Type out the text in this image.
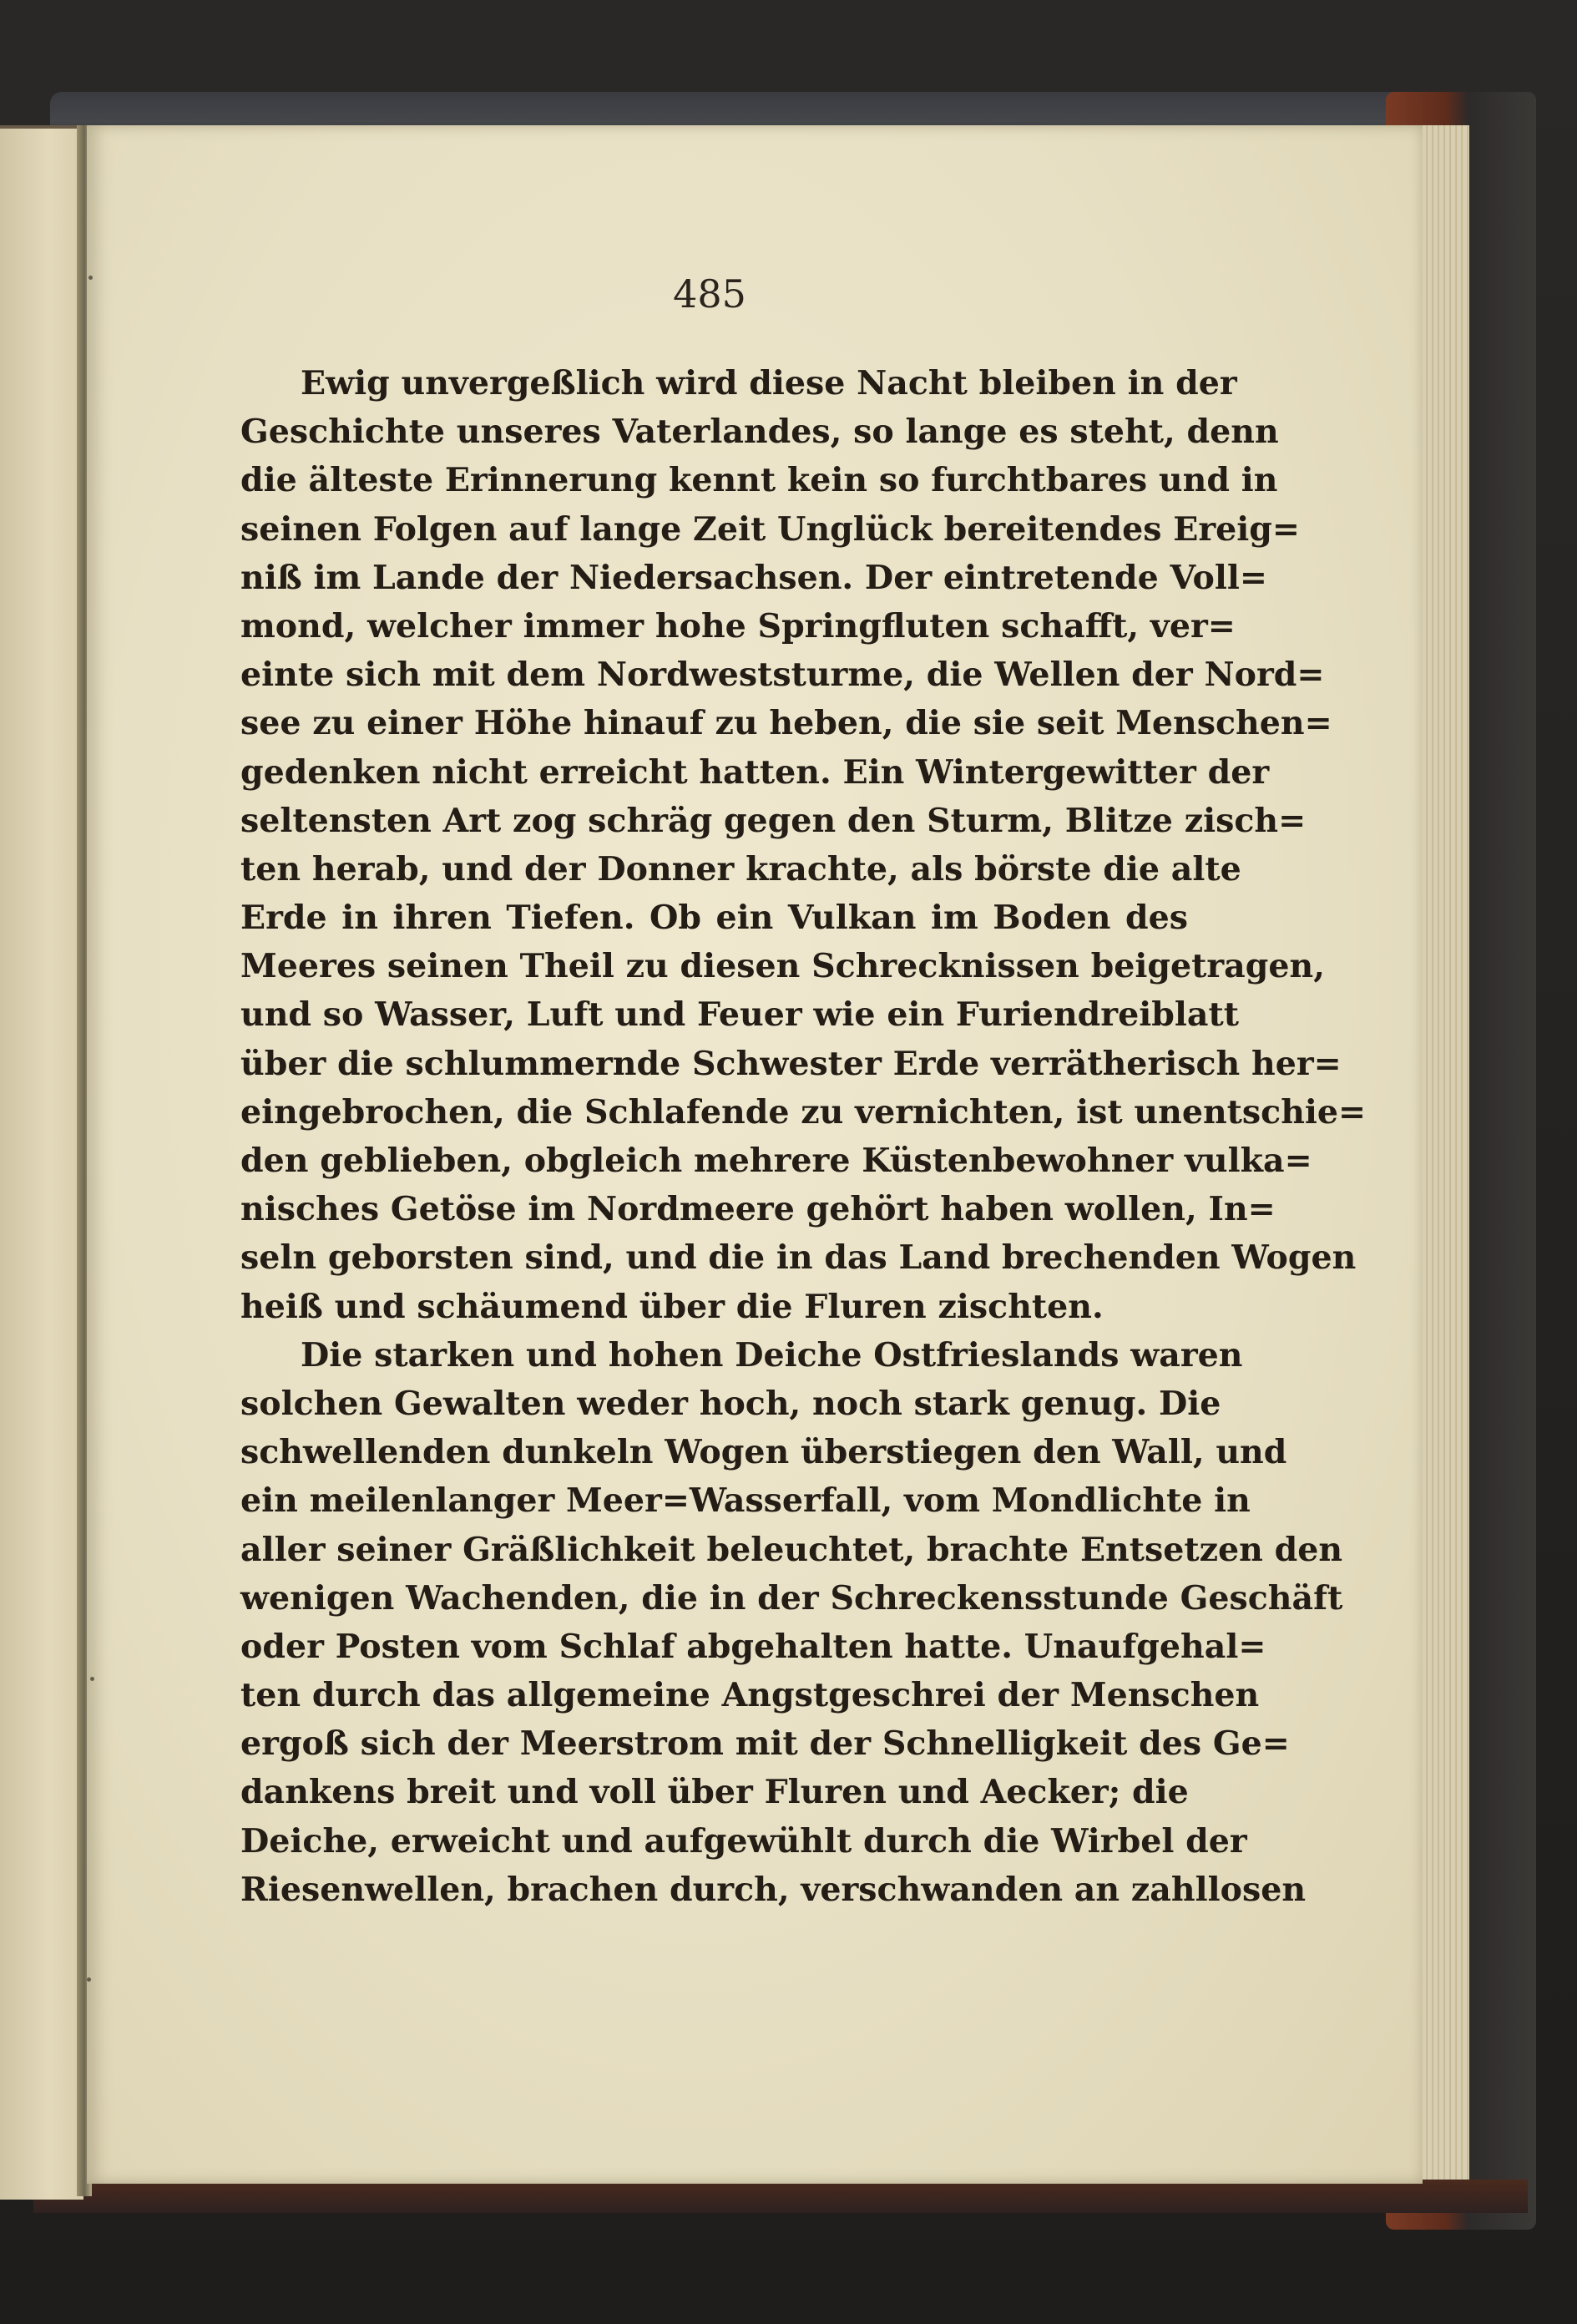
485
Ewig unvergeßlich wird diese Nacht bleiben in der
Geschichte unseres Vaterlandes, so lange es steht, denn
die älteste Erinnerung kennt kein so furchtbares und in
seinen Folgen auf lange Zeit Unglück bereitendes Ereig=
niß im Lande der Niedersachsen. Der eintretende Voll=
mond, welcher immer hohe Springfluten schafft, ver=
einte sich mit dem Nordweststurme, die Wellen der Nord=
see zu einer Höhe hinauf zu heben, die sie seit Menschen=
gedenken nicht erreicht hatten. Ein Wintergewitter der
seltensten Art zog schräg gegen den Sturm, Blitze zisch=
ten herab, und der Donner krachte, als börste die alte
Erde in ihren Tiefen. Ob ein Vulkan im Boden des
Meeres seinen Theil zu diesen Schrecknissen beigetragen,
und so Wasser, Luft und Feuer wie ein Furiendreiblatt
über die schlummernde Schwester Erde verrätherisch her=
eingebrochen, die Schlafende zu vernichten, ist unentschie=
den geblieben, obgleich mehrere Küstenbewohner vulka=
nisches Getöse im Nordmeere gehört haben wollen, In=
seln geborsten sind, und die in das Land brechenden Wogen
heiß und schäumend über die Fluren zischten.
Die starken und hohen Deiche Ostfrieslands waren
solchen Gewalten weder hoch, noch stark genug. Die
schwellenden dunkeln Wogen überstiegen den Wall, und
ein meilenlanger Meer=Wasserfall, vom Mondlichte in
aller seiner Gräßlichkeit beleuchtet, brachte Entsetzen den
wenigen Wachenden, die in der Schreckensstunde Geschäft
oder Posten vom Schlaf abgehalten hatte. Unaufgehal=
ten durch das allgemeine Angstgeschrei der Menschen
ergoß sich der Meerstrom mit der Schnelligkeit des Ge=
dankens breit und voll über Fluren und Aecker; die
Deiche, erweicht und aufgewühlt durch die Wirbel der
Riesenwellen, brachen durch, verschwanden an zahllosen
